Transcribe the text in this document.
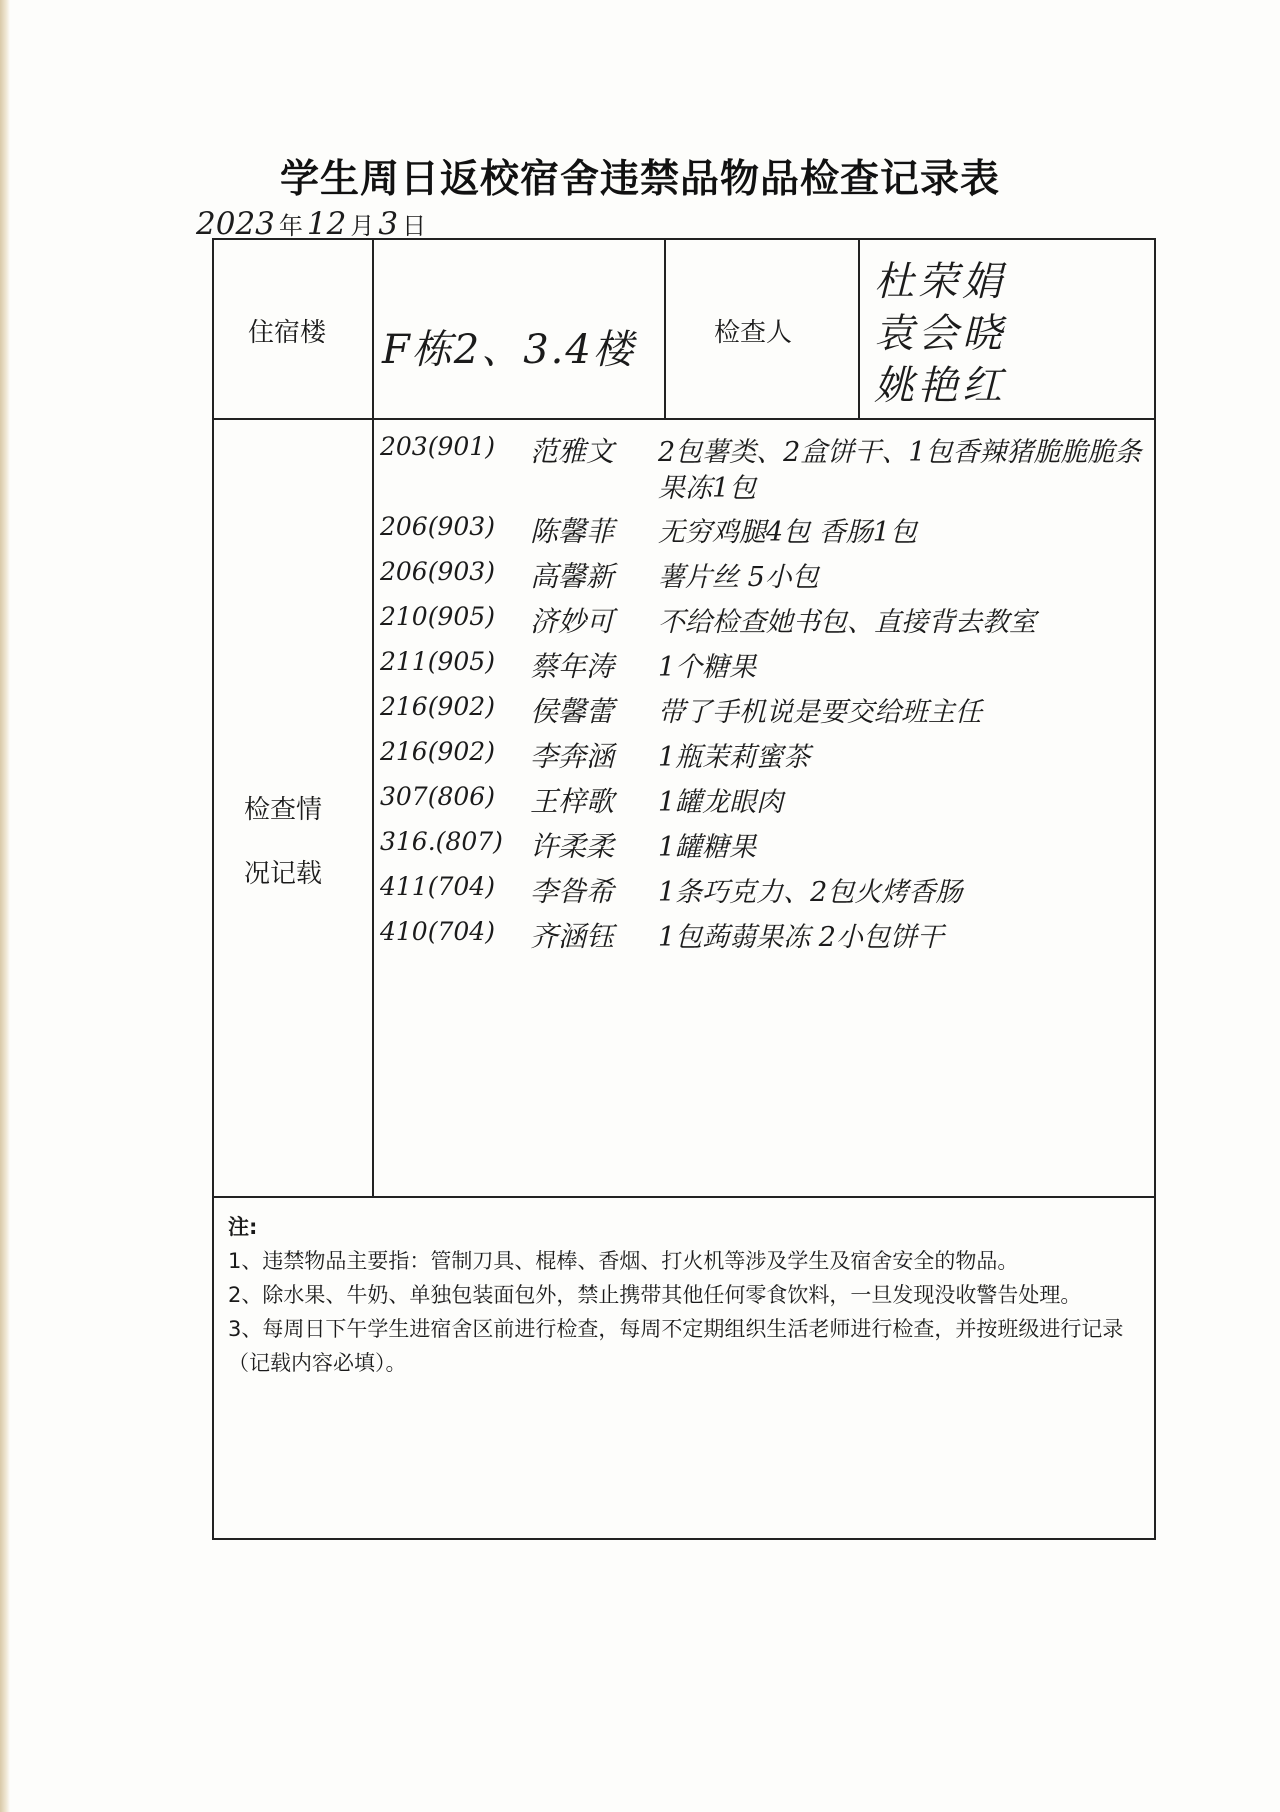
学生周日返校宿舍违禁品物品检查记录表
2023 年 12 月 3 日
住宿楼 F栋2、3.4楼	检查人
杜荣娟
袁会晓
姚艳红
检查情况记载
203(901) 范雅文 2包薯类、2盒饼干、1包香辣猪脆脆脆条
果冻1包
206(903) 陈馨菲 无穷鸡腿4包 香肠1包
206(903) 高馨新 薯片丝 5小包
210(905) 济妙可 不给检查她书包、直接背去教室
211(905) 蔡年涛 1个糖果
216(902) 侯馨蕾 带了手机说是要交给班主任
216(902) 李奔涵 1瓶茉莉蜜茶
307(806) 王梓歌 1罐龙眼肉
316.(807) 许柔柔 1罐糖果
411(704) 李昝希 1条巧克力、2包火烤香肠
410(704) 齐涵钰 1包蒟蒻果冻 2小包饼干

注:

1、违禁物品主要指：管制刀具、棍棒、香烟、打火机等涉及学生及宿舍安全的物品。

2、除水果、牛奶、单独包装面包外，禁止携带其他任何零食饮料，一旦发现没收警告处理。

3、每周日下午学生进宿舍区前进行检查，每周不定期组织生活老师进行检查，并按班级进行记录（记载内容必填）。
